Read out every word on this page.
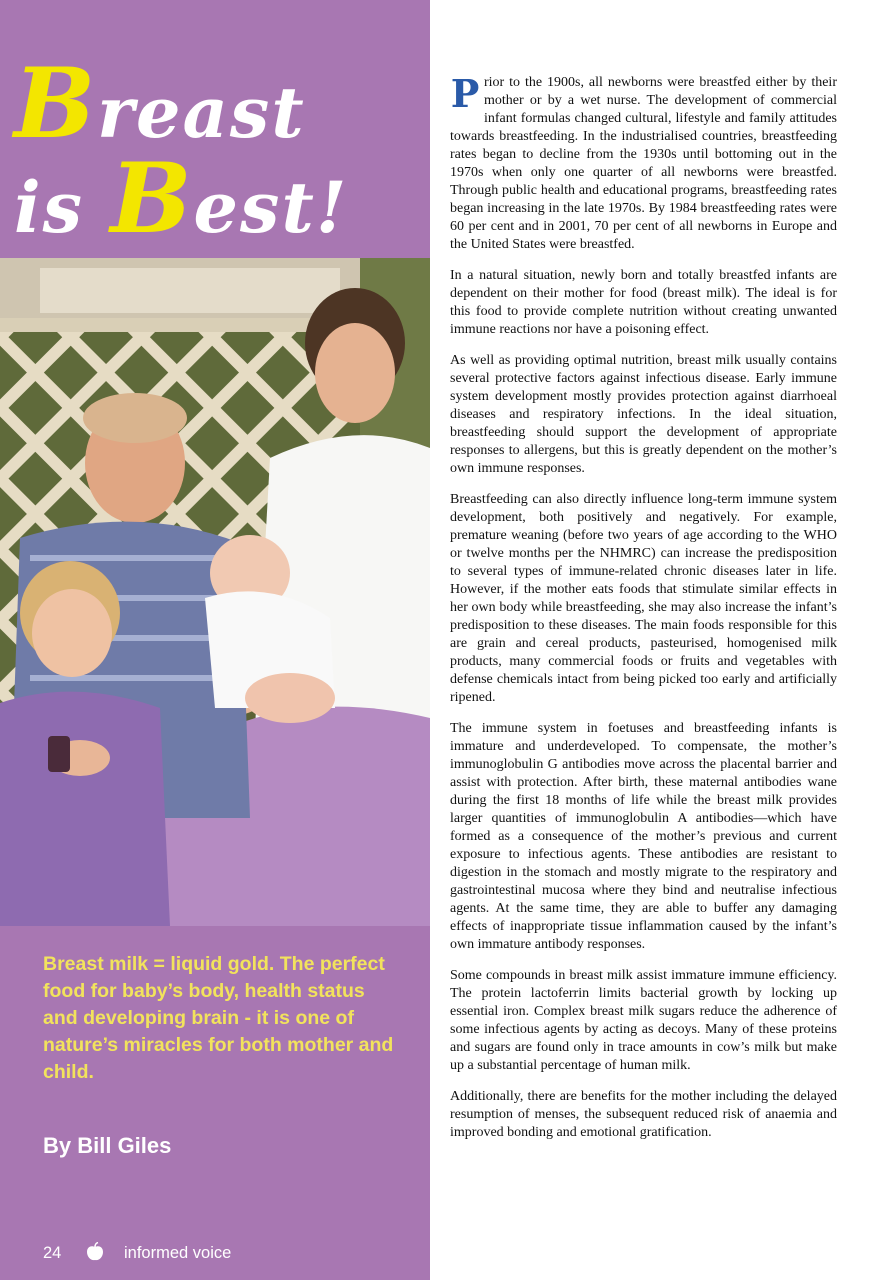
Breast
is Best!

Breast milk = liquid gold. The perfect food for baby’s body, health status and developing brain - it is one of nature’s miracles for both mother and child.

By Bill Giles

24	informed voice

P rior to the 1900s, all newborns were breastfed either by their mother or by a wet nurse. The development of commercial infant formulas changed cultural, lifestyle and family attitudes towards breastfeeding. In the industrialised countries, breastfeeding rates began to decline from the 1930s until bottoming out in the 1970s when only one quarter of all newborns were breastfed. Through public health and educational programs, breastfeeding rates began increasing in the late 1970s. By 1984 breastfeeding rates were 60 per cent and in 2001, 70 per cent of all newborns in Europe and the United States were breastfed.

In a natural situation, newly born and totally breastfed infants are dependent on their mother for food (breast milk). The ideal is for this food to provide complete nutrition without creating unwanted immune reactions nor have a poisoning effect.

As well as providing optimal nutrition, breast milk usually contains several protective factors against infectious disease. Early immune system development mostly provides protection against diarrhoeal diseases and respiratory infections. In the ideal situation, breastfeeding should support the development of appropriate responses to allergens, but this is greatly dependent on the mother’s own immune responses.

Breastfeeding can also directly influence long-term immune system development, both positively and negatively. For example, premature weaning (before two years of age according to the WHO or twelve months per the NHMRC) can increase the predisposition to several types of immune-related chronic diseases later in life. However, if the mother eats foods that stimulate similar effects in her own body while breastfeeding, she may also increase the infant’s predisposition to these diseases. The main foods responsible for this are grain and cereal products, pasteurised, homogenised milk products, many commercial foods or fruits and vegetables with defense chemicals intact from being picked too early and artificially ripened.

The immune system in foetuses and breastfeeding infants is immature and underdeveloped. To compensate, the mother’s immunoglobulin G antibodies move across the placental barrier and assist with protection. After birth, these maternal antibodies wane during the first 18 months of life while the breast milk provides larger quantities of immunoglobulin A antibodies—which have formed as a consequence of the mother’s previous and current exposure to infectious agents. These antibodies are resistant to digestion in the stomach and mostly migrate to the respiratory and gastrointestinal mucosa where they bind and neutralise infectious agents. At the same time, they are able to buffer any damaging effects of inappropriate tissue inflammation caused by the infant’s own immature antibody responses.

Some compounds in breast milk assist immature immune efficiency. The protein lactoferrin limits bacterial growth by locking up essential iron. Complex breast milk sugars reduce the adherence of some infectious agents by acting as decoys. Many of these proteins and sugars are found only in trace amounts in cow’s milk but make up a substantial percentage of human milk.

Additionally, there are benefits for the mother including the delayed resumption of menses, the subsequent reduced risk of anaemia and improved bonding and emotional gratification.
